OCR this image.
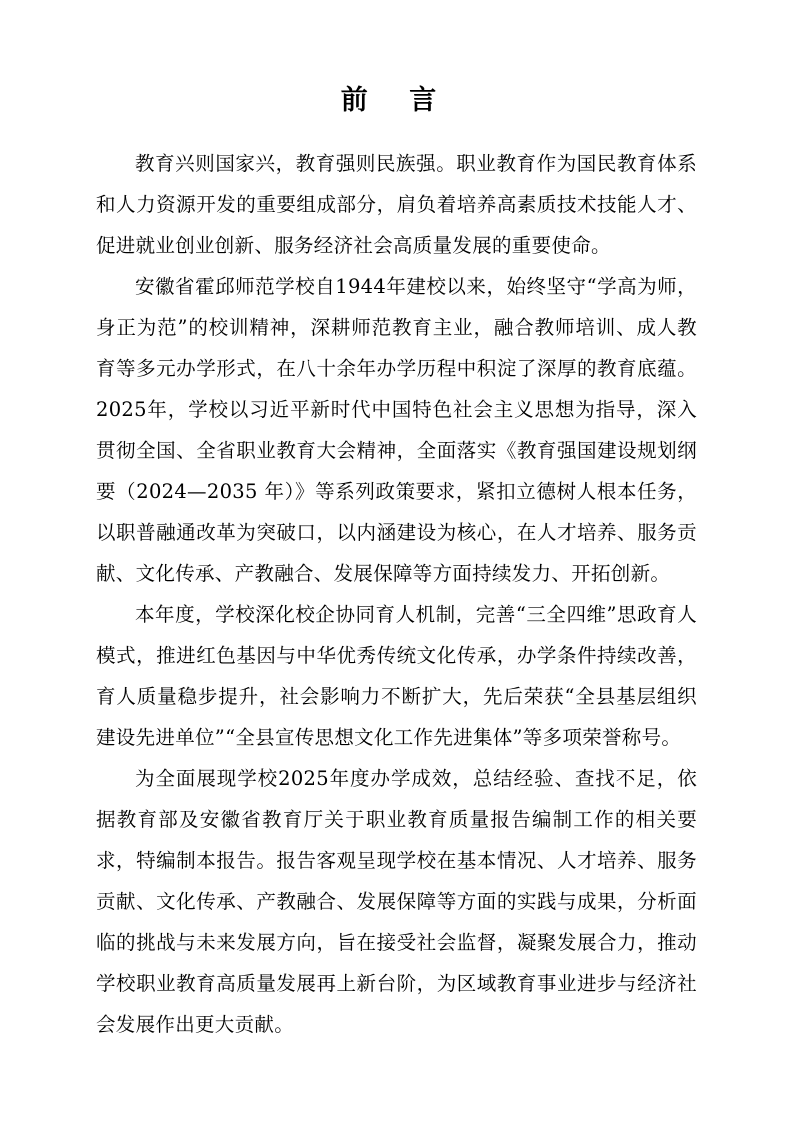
前 言

教育兴则国家兴，教育强则民族强。职业教育作为国民教育体系和人力资源开发的重要组成部分，肩负着培养高素质技术技能人才、促进就业创业创新、服务经济社会高质量发展的重要使命。

安徽省霍邱师范学校自1944年建校以来，始终坚守“学高为师，身正为范”的校训精神，深耕师范教育主业，融合教师培训、成人教育等多元办学形式，在八十余年办学历程中积淀了深厚的教育底蕴。2025年，学校以习近平新时代中国特色社会主义思想为指导，深入贯彻全国、全省职业教育大会精神，全面落实《教育强国建设规划纲要（2024—2035 年）》等系列政策要求，紧扣立德树人根本任务，以职普融通改革为突破口，以内涵建设为核心，在人才培养、服务贡献、文化传承、产教融合、发展保障等方面持续发力、开拓创新。

本年度，学校深化校企协同育人机制，完善“三全四维”思政育人模式，推进红色基因与中华优秀传统文化传承，办学条件持续改善，育人质量稳步提升，社会影响力不断扩大，先后荣获“全县基层组织建设先进单位”“全县宣传思想文化工作先进集体”等多项荣誉称号。

为全面展现学校2025年度办学成效，总结经验、查找不足，依据教育部及安徽省教育厅关于职业教育质量报告编制工作的相关要求，特编制本报告。报告客观呈现学校在基本情况、人才培养、服务贡献、文化传承、产教融合、发展保障等方面的实践与成果，分析面临的挑战与未来发展方向，旨在接受社会监督，凝聚发展合力，推动学校职业教育高质量发展再上新台阶，为区域教育事业进步与经济社会发展作出更大贡献。
